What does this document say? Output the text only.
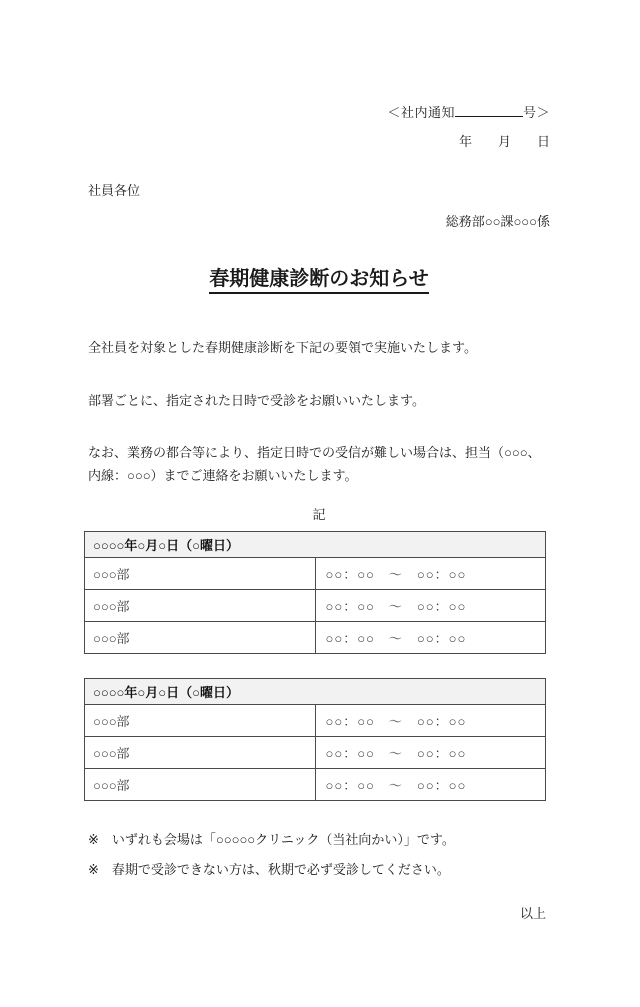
＜社内通知	号＞
年　　月　　日
社員各位
総務部○○課○○○係
春期健康診断のお知らせ

全社員を対象とした春期健康診断を下記の要領で実施いたします。

部署ごとに、指定された日時で受診をお願いいたします。

なお、業務の都合等により、指定日時での受信が難しい場合は、担当（○○○、内線：○○○）までご連絡をお願いいたします。

記
○○○○年○月○日（○曜日）	
○○○部	○○：○○　～　○○：○○
○○○部	○○：○○　～　○○：○○
○○○部	○○：○○　～　○○：○○
○○○○年○月○日（○曜日）	
○○○部	○○：○○　～　○○：○○
○○○部	○○：○○　～　○○：○○
○○○部	○○：○○　～　○○：○○

※　いずれも会場は「○○○○○クリニック（当社向かい）」です。

※　春期で受診できない方は、秋期で必ず受診してください。

以上
